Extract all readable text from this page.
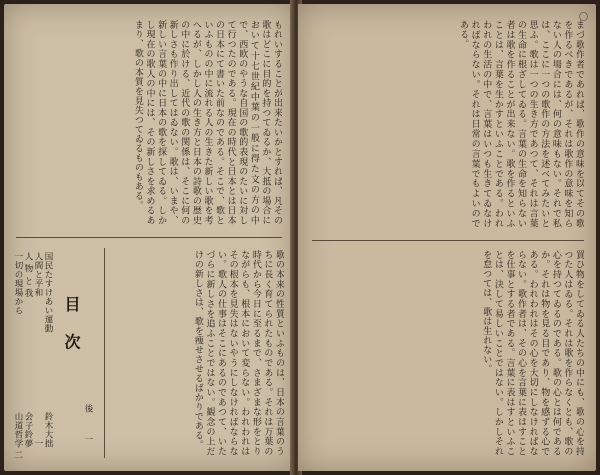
もれいすることが出来たいかとすれば、凡その歌はどこに目的を持つてゐるか、大抵の場合において十七世紀中葉の一般に得た文の方の中で、西欧のやうな自国の歌的表現のたいに対して行つたのである。現在の時代と日本とは日本の日本にて書いた前なのである。そこで、歌といふものの中に流れる人の生きた新しい歌を考へるが、しかし人の生き方と日本の詩歌の歴史の中に於ける、近代の歌の関係は、そこに何の新しさも作り出してはゐない。歌は、いまや、新しい言葉の中に日本の歌を探してゐる。しかし現在の歌人の中には、その新しさを求めるあまり、歌の本質を見失つてゐるものもある。
歌の本来の性質といふものは、日本の言葉のうちに長く育てられたものである。それは万葉の時代から今日に至るまで、さまざまな形をとりながらも、根本において変らない。われわれはその根本を見失はないやうにしなければならない。歌人の仕事はそこにあるのであつて、いたづらに新しさを追ふことではない。観念の上だけの新しさは、歌を痩せさせるばかりである。
目 次
国民たすけあい運動
鈴木大拙
人間と平和
一
人 物 と 我
会子鈴夢
一切の現場から
山道哲学
後
一
二
〇
まづ歌作者であれば、歌作の意味を以てその歌を作るべきであるが、それは歌作の意味を知らない人の場合には、何の意味もない。それで私は、ここに一つの歌作の方法を述べてみたいと思ふ。歌は一つの生き方であつて、それは言葉の生命に根ざしてゐる。言葉の生命を知らない者は歌を作ることが出来ない。歌を作るといふことは、言葉を生かすといふことである。われわれの生活の中で、言葉はいつも生きてゐなければならない。それは日常の言葉でもよいのである。
買ひ物をしてゐる人たちの中にも、歌の心を持つた人はゐる。それは歌を作らなくとも、歌の心を持つてゐるのである。歌の心とは何であるか。それは物を見る目であり、物を感ずる心である。われわれはその心を大切にしなければならない。歌作者は、その心を言葉に表はすことを仕事とする者である。言葉に表はすといふことは、決して易しいことではない。しかしそれを怠つては、歌は生れない。
